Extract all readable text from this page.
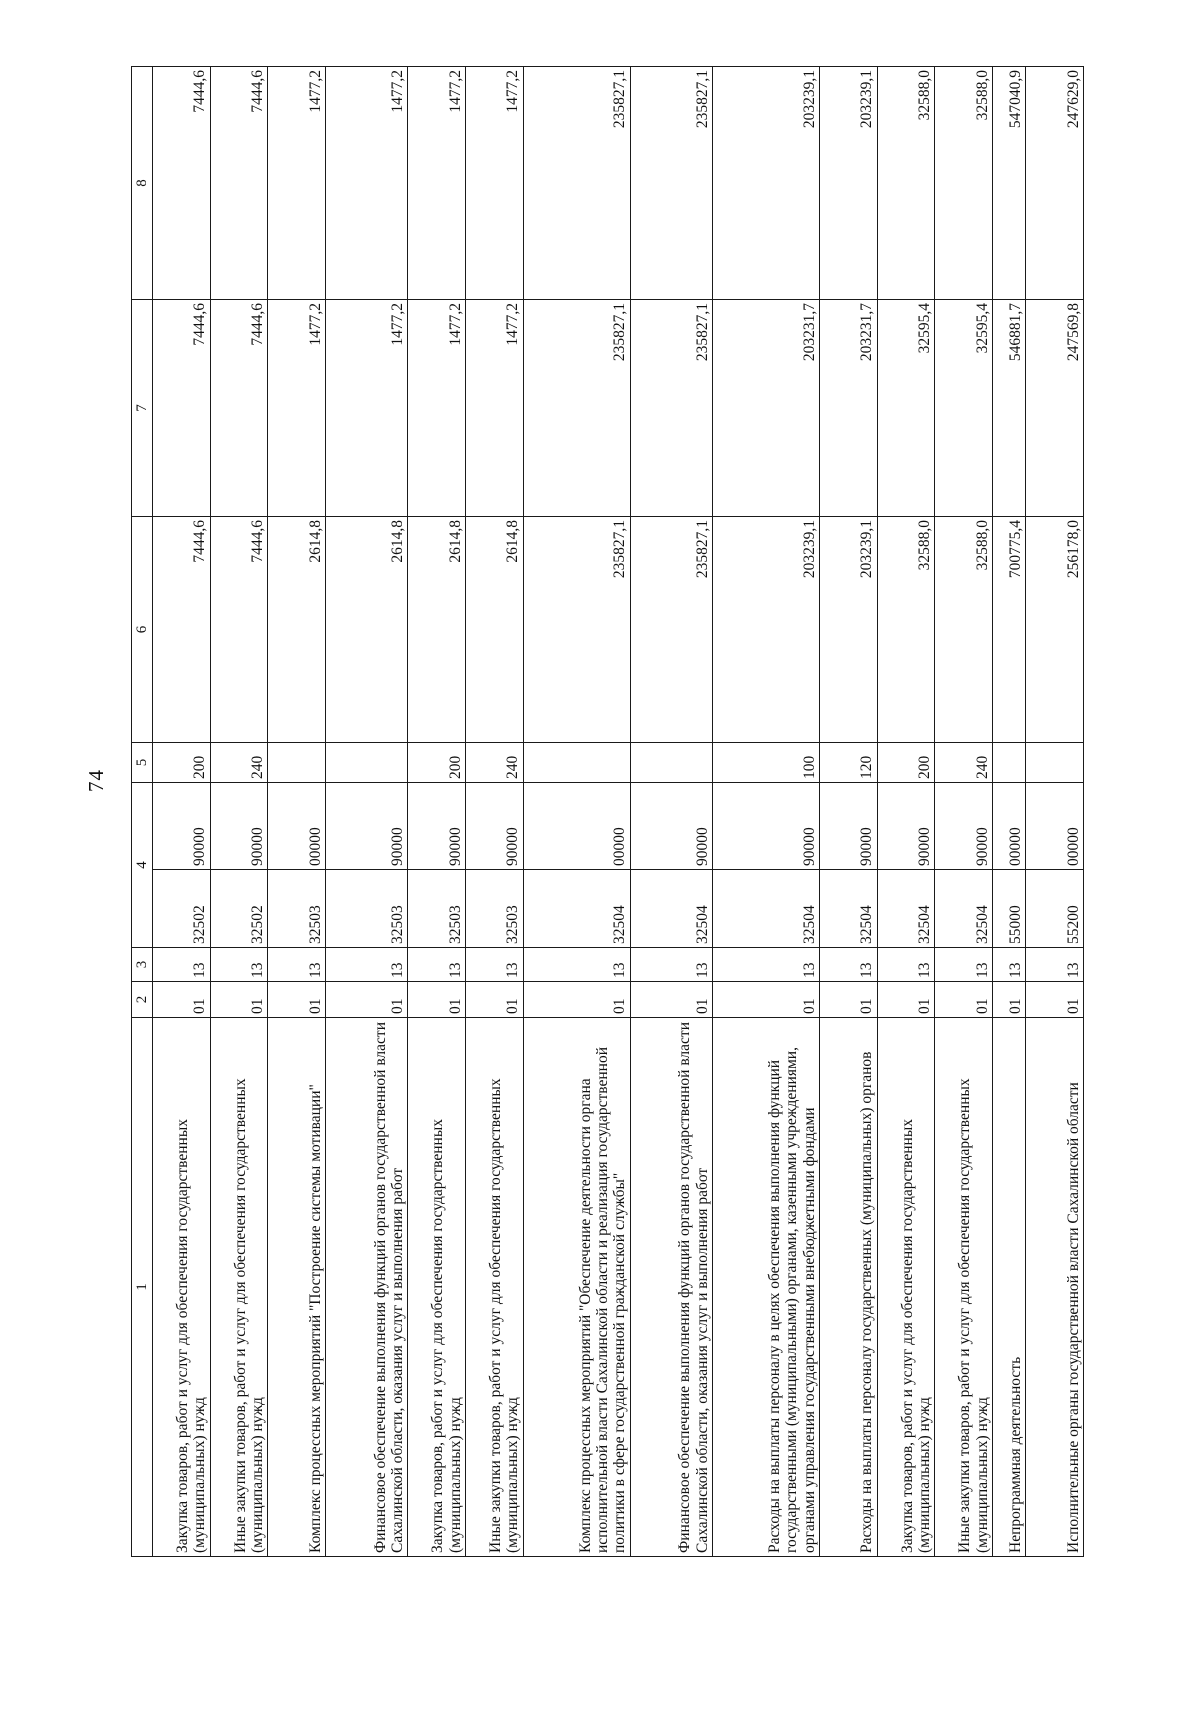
74
1	2	3	4		5	6	7	8
Закупка товаров, работ и услуг для обеспечения государственных (муниципальных) нужд	01	13	32502	90000	200	7444,6	7444,6	7444,6
Иные закупки товаров, работ и услуг для обеспечения государственных (муниципальных) нужд	01	13	32502	90000	240	7444,6	7444,6	7444,6
Комплекс процессных мероприятий "Построение системы мотивации"	01	13	32503	00000		2614,8	1477,2	1477,2
Финансовое обеспечение выполнения функций органов государственной власти Сахалинской области, оказания услуг и выполнения работ	01	13	32503	90000		2614,8	1477,2	1477,2
Закупка товаров, работ и услуг для обеспечения государственных (муниципальных) нужд	01	13	32503	90000	200	2614,8	1477,2	1477,2
Иные закупки товаров, работ и услуг для обеспечения государственных (муниципальных) нужд	01	13	32503	90000	240	2614,8	1477,2	1477,2
Комплекс процессных мероприятий "Обеспечение деятельности органа исполнительной власти Сахалинской области и реализация государственной политики в сфере государственной гражданской службы"	01	13	32504	00000		235827,1	235827,1	235827,1
Финансовое обеспечение выполнения функций органов государственной власти Сахалинской области, оказания услуг и выполнения работ	01	13	32504	90000		235827,1	235827,1	235827,1
Расходы на выплаты персоналу в целях обеспечения выполнения функций государственными (муниципальными) органами, казенными учреждениями, органами управления государственными внебюджетными фондами	01	13	32504	90000	100	203239,1	203231,7	203239,1
Расходы на выплаты персоналу государственных (муниципальных) органов	01	13	32504	90000	120	203239,1	203231,7	203239,1
Закупка товаров, работ и услуг для обеспечения государственных (муниципальных) нужд	01	13	32504	90000	200	32588,0	32595,4	32588,0
Иные закупки товаров, работ и услуг для обеспечения государственных (муниципальных) нужд	01	13	32504	90000	240	32588,0	32595,4	32588,0
Непрограммная деятельность	01	13	55000	00000		700775,4	546881,7	547040,9
Исполнительные органы государственной власти Сахалинской области	01	13	55200	00000		256178,0	247569,8	247629,0
